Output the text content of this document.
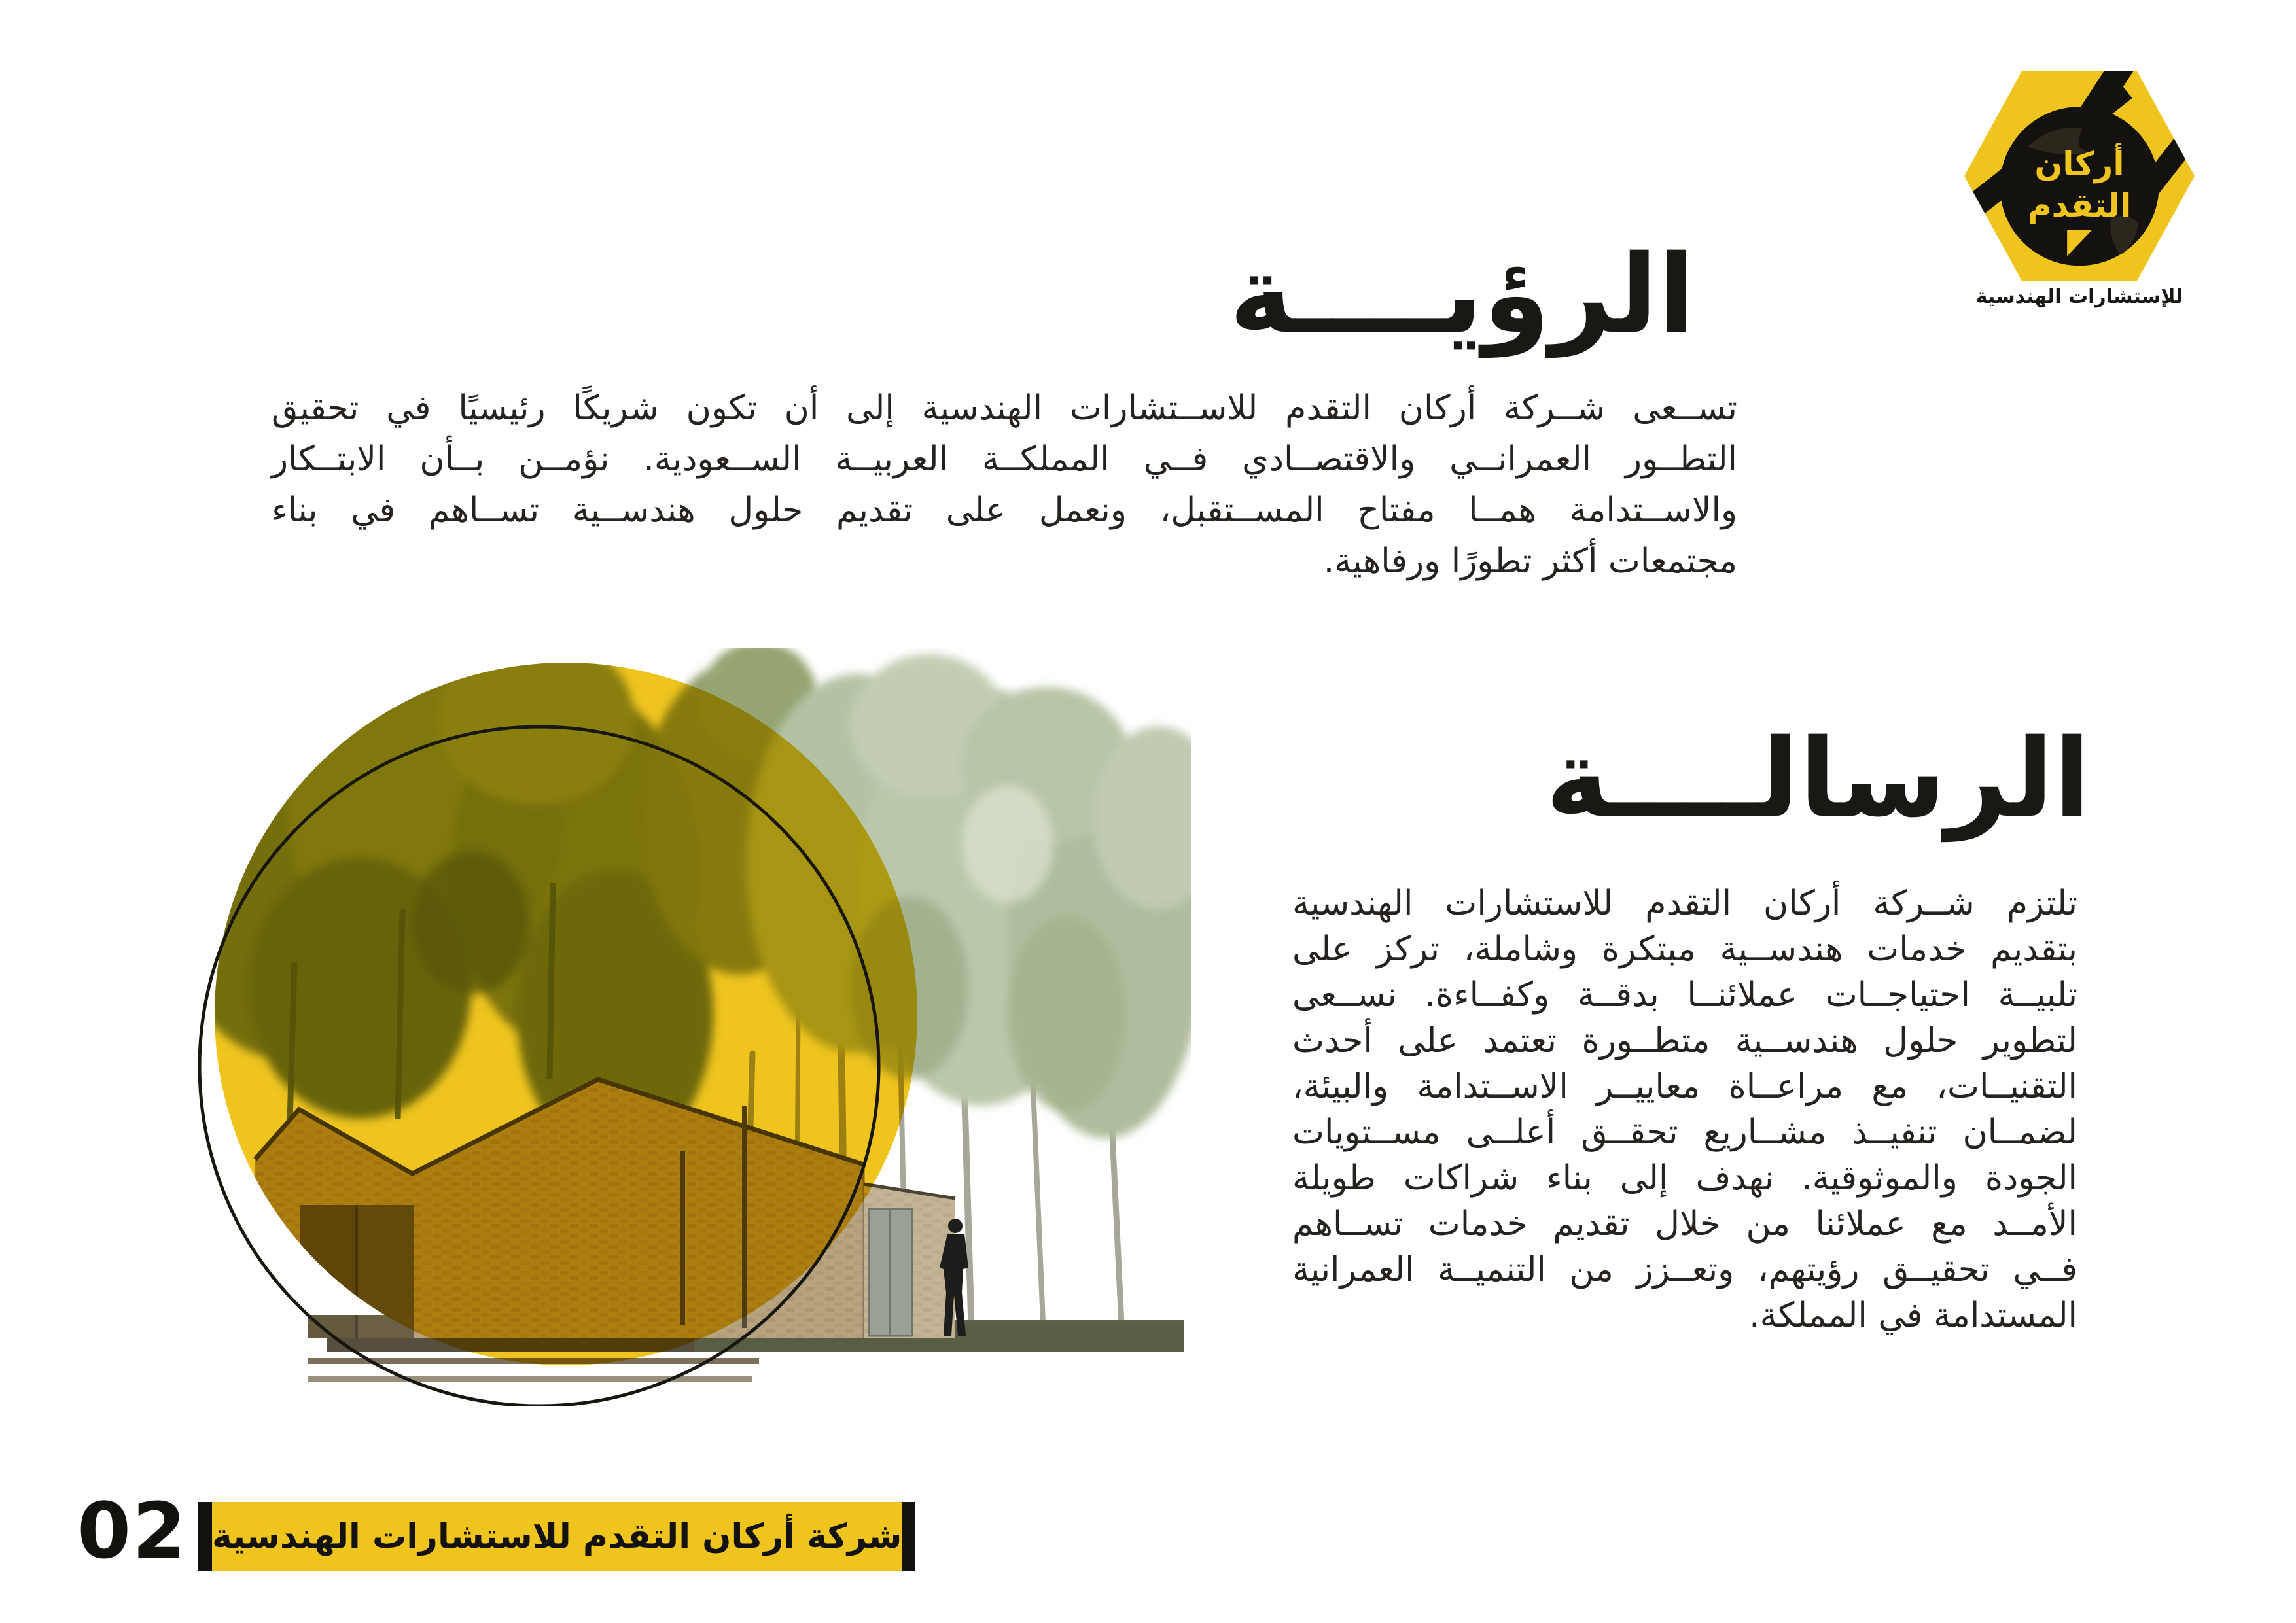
أركان
التقدم
للإستشارات الهندسية
الرؤيــــة
تســعى شــركة أركان التقدم للاســتشارات الهندسية إلى أن تكون شريكًا رئيسيًا في تحقيق
التطــور العمرانــي والاقتصــادي فــي المملكــة العربيــة الســعودية. نؤمــن بــأن الابتــكار
والاســتدامة همــا مفتاح المســتقبل، ونعمل على تقديم حلول هندســية تســاهم في بناء
مجتمعات أكثر تطورًا ورفاهية.
الرسالــــة
تلتزم شــركة أركان التقدم للاستشارات الهندسية
بتقديم خدمات هندســية مبتكرة وشاملة، تركز على
تلبيــة احتياجــات عملائنــا بدقــة وكفــاءة. نســعى
لتطوير حلول هندســية متطــورة تعتمد على أحدث
التقنيــات، مع مراعــاة معاييــر الاســتدامة والبيئة،
لضمــان تنفيــذ مشــاريع تحقــق أعلــى مســتويات
الجودة والموثوقية. نهدف إلى بناء شراكات طويلة
الأمــد مع عملائنا من خلال تقديم خدمات تســاهم
فــي تحقيــق رؤيتهم، وتعــزز من التنميــة العمرانية
المستدامة في المملكة.
02 شركة أركان التقدم للاستشارات الهندسية
